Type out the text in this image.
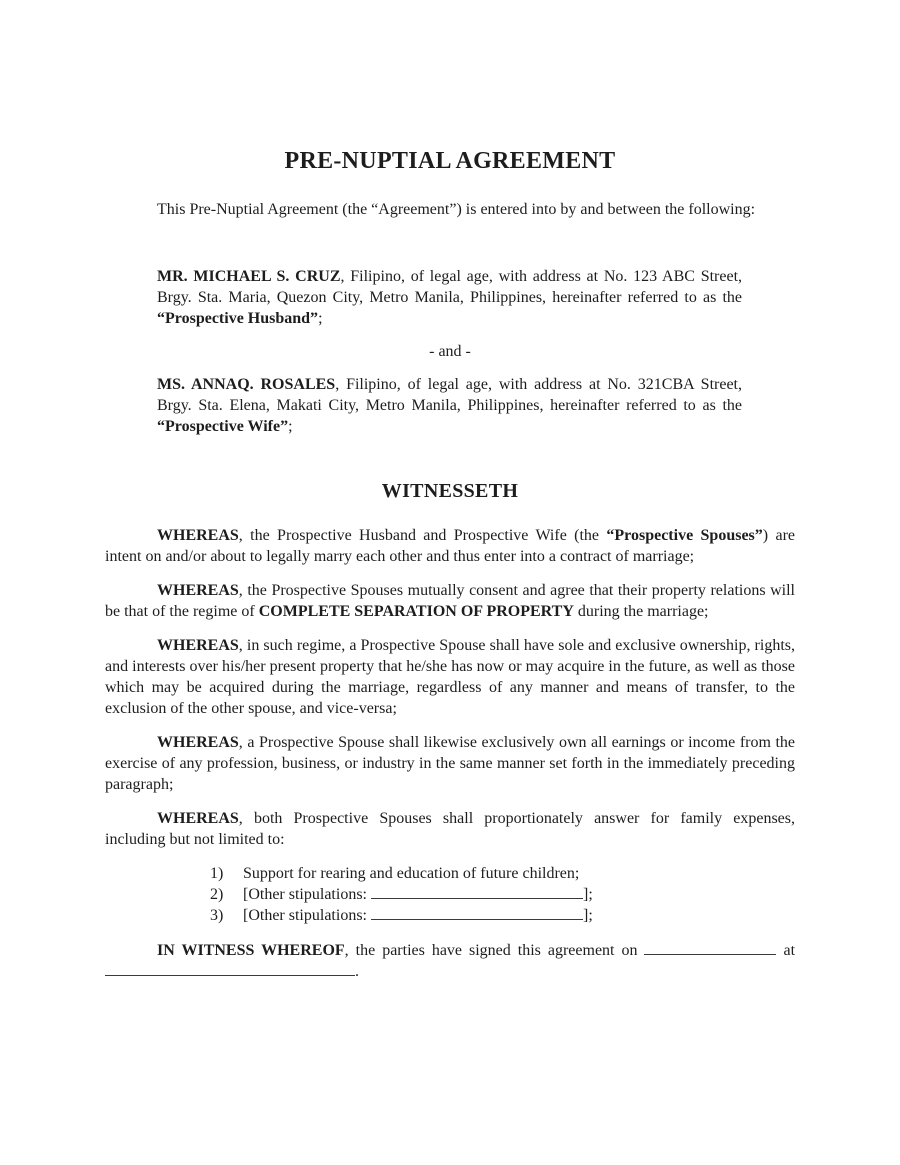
PRE-NUPTIAL AGREEMENT

This Pre-Nuptial Agreement (the “Agreement”) is entered into by and between the following:

MR. MICHAEL S. CRUZ, Filipino, of legal age, with address at No. 123 ABC Street, Brgy. Sta. Maria, Quezon City, Metro Manila, Philippines, hereinafter referred to as the “Prospective Husband”;

- and -

MS. ANNAQ. ROSALES, Filipino, of legal age, with address at No. 321CBA Street, Brgy. Sta. Elena, Makati City, Metro Manila, Philippines, hereinafter referred to as the “Prospective Wife”;

WITNESSETH

WHEREAS, the Prospective Husband and Prospective Wife (the “Prospective Spouses”) are intent on and/or about to legally marry each other and thus enter into a contract of marriage;

WHEREAS, the Prospective Spouses mutually consent and agree that their property relations will be that of the regime of COMPLETE SEPARATION OF PROPERTY during the marriage;

WHEREAS, in such regime, a Prospective Spouse shall have sole and exclusive ownership, rights, and interests over his/her present property that he/she has now or may acquire in the future, as well as those which may be acquired during the marriage, regardless of any manner and means of transfer, to the exclusion of the other spouse, and vice-versa;

WHEREAS, a Prospective Spouse shall likewise exclusively own all earnings or income from the exercise of any profession, business, or industry in the same manner set forth in the immediately preceding paragraph;

WHEREAS, both Prospective Spouses shall proportionately answer for family expenses, including but not limited to:

1) Support for rearing and education of future children;
2) [Other stipulations:	];
3) [Other stipulations:	];

IN WITNESS WHEREOF, the parties have signed this agreement on	at .
